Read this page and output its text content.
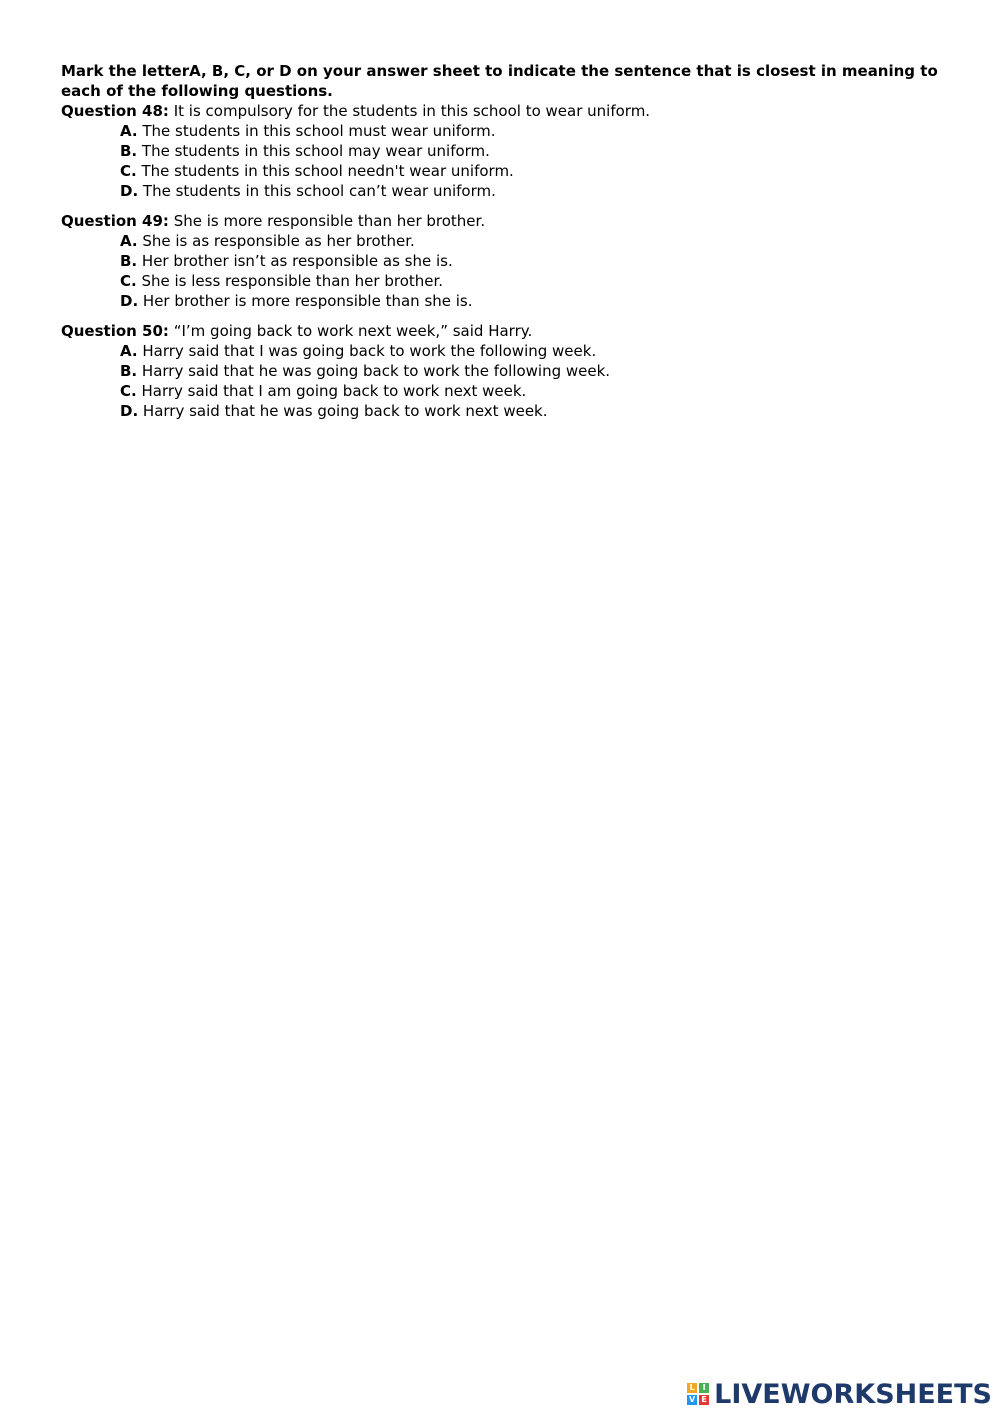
Mark the letterA, B, C, or D on your answer sheet to indicate the sentence that is closest in meaning to each of the following questions.

Question 48: It is compulsory for the students in this school to wear uniform.
A. The students in this school must wear uniform.
B. The students in this school may wear uniform.
C. The students in this school needn't wear uniform.
D. The students in this school can’t wear uniform.
Question 49: She is more responsible than her brother.
A. She is as responsible as her brother.
B. Her brother isn’t as responsible as she is.
C. She is less responsible than her brother.
D. Her brother is more responsible than she is.
Question 50: “I’m going back to work next week,” said Harry.
A. Harry said that I was going back to work the following week.
B. Harry said that he was going back to work the following week.
C. Harry said that I am going back to work next week.
D. Harry said that he was going back to work next week.
L I
V E LIVEWORKSHEETS
